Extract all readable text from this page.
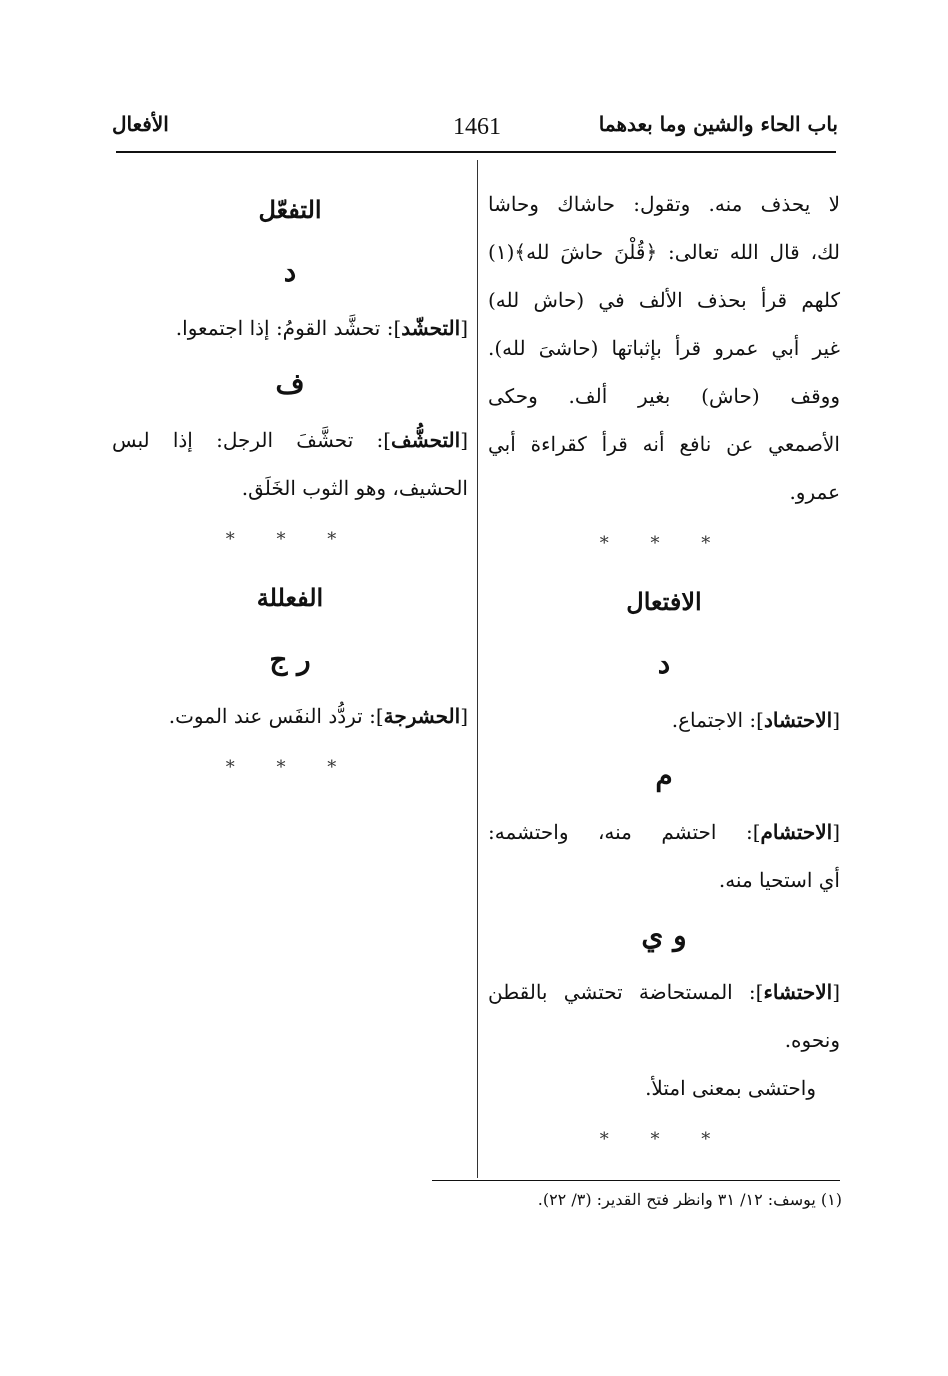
باب الحاء والشين وما بعدهما
1461
الأفعال
لا يحذف منه. وتقول: حاشاك وحاشا
لك، قال الله تعالى: ﴿قُلْنَ حاشَ لله﴾(١)
كلهم قرأ بحذف الألف في (حاش لله)
غير أبي عمرو قرأ بإثباتها (حاشىَ لله).
ووقف (حاش) بغير ألف. وحكى
الأصمعي عن نافع أنه قرأ كقراءة أبي
عمرو.
* * *
الافتعال
د
[الاحتشاد]: الاجتماع.
م
[الاحتشام]: احتشم منه، واحتشمه:
أي استحيا منه.
و ي
[الاحتشاء]: المستحاضة تحتشي بالقطن
ونحوه.
واحتشى بمعنى امتلأ.
* * *
التفعّل
د
[التحشّد]: تحشَّد القومُ: إذا اجتمعوا.
ف
[التحشُّف]: تحشَّفَ الرجل: إذا لبس
الحشيف، وهو الثوب الخَلَق.
* * *
الفعللة
ر ج
[الحشرجة]: تردُّد النفَس عند الموت.
* * *
(١) يوسف: ١٢/ ٣١ وانظر فتح القدير: (٣/ ٢٢).
